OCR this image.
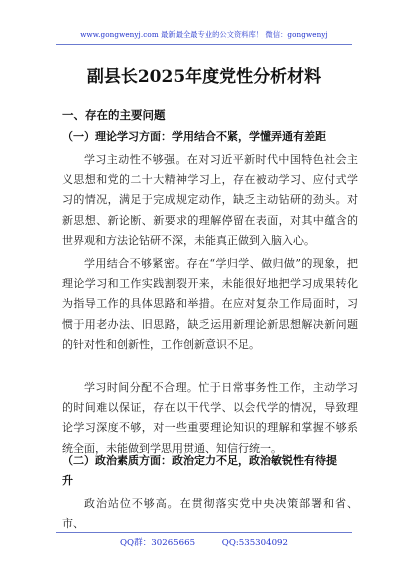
www.gongwenyj.com 最新最全最专业的公文资料库！ 微信：gongwenyj
副县长2025年度党性分析材料
一、存在的主要问题
（一）理论学习方面：学用结合不紧，学懂弄通有差距
学习主动性不够强。在对习近平新时代中国特色社会主义思想和党的二十大精神学习上，存在被动学习、应付式学习的情况，满足于完成规定动作，缺乏主动钻研的劲头。对新思想、新论断、新要求的理解停留在表面，对其中蕴含的世界观和方法论钻研不深，未能真正做到入脑入心。
学用结合不够紧密。存在“学归学、做归做”的现象，把理论学习和工作实践割裂开来，未能很好地把学习成果转化为指导工作的具体思路和举措。在应对复杂工作局面时，习惯于用老办法、旧思路，缺乏运用新理论新思想解决新问题的针对性和创新性，工作创新意识不足。
学习时间分配不合理。忙于日常事务性工作，主动学习的时间难以保证，存在以干代学、以会代学的情况，导致理论学习深度不够，对一些重要理论知识的理解和掌握不够系统全面，未能做到学思用贯通、知信行统一。
（二）政治素质方面：政治定力不足，政治敏锐性有待提
升
政治站位不够高。在贯彻落实党中央决策部署和省、市、
QQ群：30265665	QQ:535304092
